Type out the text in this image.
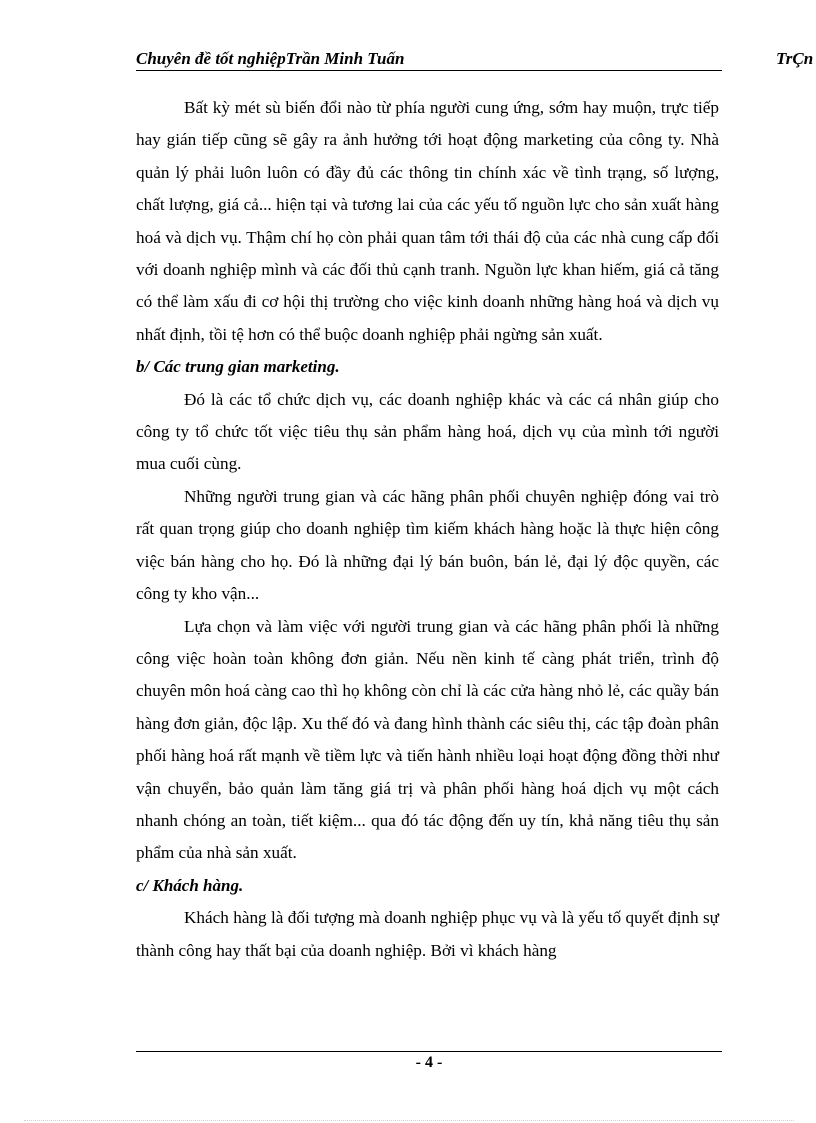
Chuyên đề tốt nghiệpTrần Minh Tuấn	TrÇn

Bất kỳ mét sù biến đổi nào từ phía người cung ứng, sớm hay muộn, trực tiếp hay gián tiếp cũng sẽ gây ra ảnh hưởng tới hoạt động marketing của công ty. Nhà quản lý phải luôn luôn có đầy đủ các thông tin chính xác về tình trạng, số lượng, chất lượng, giá cả... hiện tại và tương lai của các yếu tố nguồn lực cho sản xuất hàng hoá và dịch vụ. Thậm chí họ còn phải quan tâm tới thái độ của các nhà cung cấp đối với doanh nghiệp mình và các đối thủ cạnh tranh. Nguồn lực khan hiếm, giá cả tăng có thể làm xấu đi cơ hội thị trường cho việc kinh doanh những hàng hoá và dịch vụ nhất định, tồi tệ hơn có thể buộc doanh nghiệp phải ngừng sản xuất.

b/ Các trung gian marketing.

Đó là các tổ chức dịch vụ, các doanh nghiệp khác và các cá nhân giúp cho công ty tổ chức tốt việc tiêu thụ sản phẩm hàng hoá, dịch vụ của mình tới người mua cuối cùng.

Những người trung gian và các hãng phân phối chuyên nghiệp đóng vai trò rất quan trọng giúp cho doanh nghiệp tìm kiếm khách hàng hoặc là thực hiện công việc bán hàng cho họ. Đó là những đại lý bán buôn, bán lẻ, đại lý độc quyền, các công ty kho vận...

Lựa chọn và làm việc với người trung gian và các hãng phân phối là những công việc hoàn toàn không đơn giản. Nếu nền kinh tế càng phát triển, trình độ chuyên môn hoá càng cao thì họ không còn chỉ là các cửa hàng nhỏ lẻ, các quầy bán hàng đơn giản, độc lập. Xu thế đó và đang hình thành các siêu thị, các tập đoàn phân phối hàng hoá rất mạnh về tiềm lực và tiến hành nhiều loại hoạt động đồng thời như vận chuyển, bảo quản làm tăng giá trị và phân phối hàng hoá dịch vụ một cách nhanh chóng an toàn, tiết kiệm... qua đó tác động đến uy tín, khả năng tiêu thụ sản phẩm của nhà sản xuất.

c/ Khách hàng.

Khách hàng là đối tượng mà doanh nghiệp phục vụ và là yếu tố quyết định sự thành công hay thất bại của doanh nghiệp. Bởi vì khách hàng

- 4 -
